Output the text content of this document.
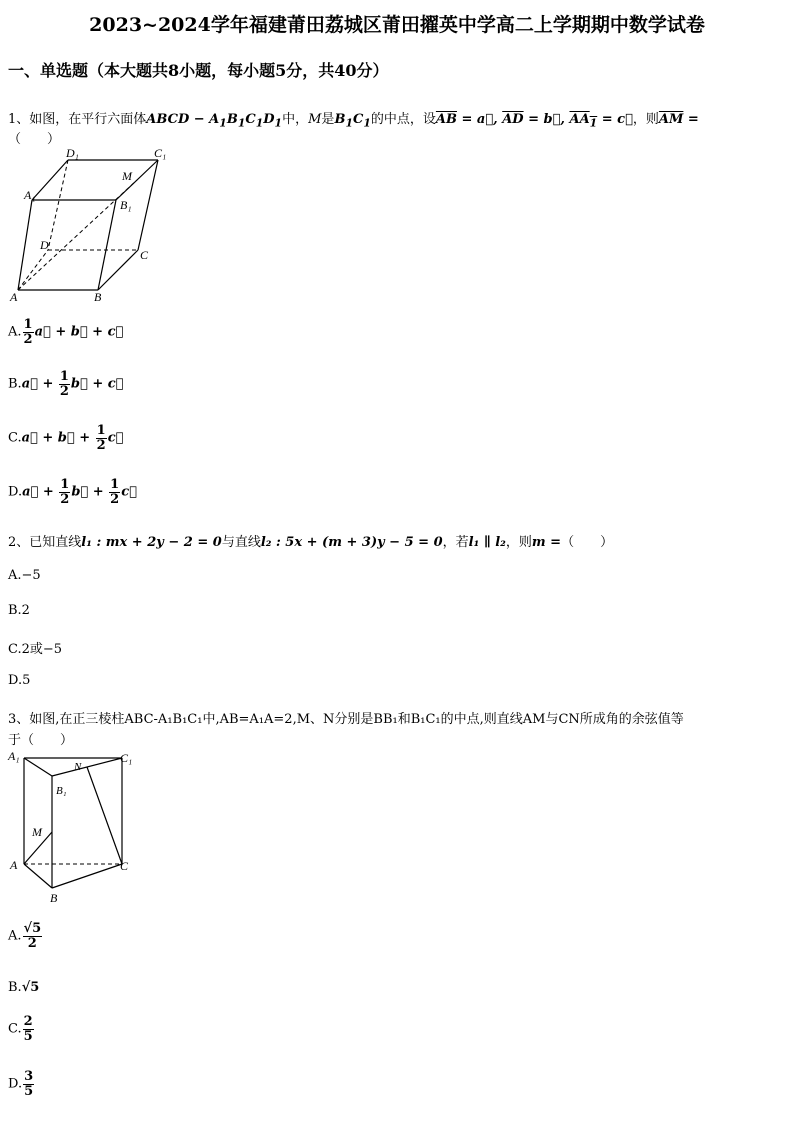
2023~2024学年福建莆田荔城区莆田擢英中学高二上学期期中数学试卷
一、单选题（本大题共8小题，每小题5分，共40分）
1、如图，在平行六面体ABCD − $A_1B_1C_1D_1$中，M是$B_1C_1$的中点，设$\overline{AB}$ = a⃗, $\overline{AD}$ = b⃗, $AA_1$ = c⃗，则$\overline{AM}$ =
（　　）
D₁	C₁
M
A₁
B₁
D
C
A	B
A. $\frac{1}{2}$ a⃗ + b⃗ + c⃗
B.a⃗ + $\frac{1}{2}$ b⃗ + c⃗
C.a⃗ + b⃗ + $\frac{1}{2}$ c⃗
D.a⃗ + $\frac{1}{2}$ b⃗ + $\frac{1}{2}$ c⃗
2、已知直线l₁ : mx + 2y − 2 = 0与直线l₂ : 5x + (m + 3)y − 5 = 0，若l₁ ∥ l₂，则m =（　　）
A.−5
B.2
C.2或−5
D.5
3、如图,在正三棱柱ABC-A₁B₁C₁中,AB=A₁A=2,M、N分别是BB₁和B₁C₁的中点,则直线AM与CN所成角的余弦值等
于（　　）
A₁	C₁
N
B₁
M
A	C
B
A. $\frac{√5}{2}$
B.√5
C. $\frac{2}{5}$
D. $\frac{3}{5}$
